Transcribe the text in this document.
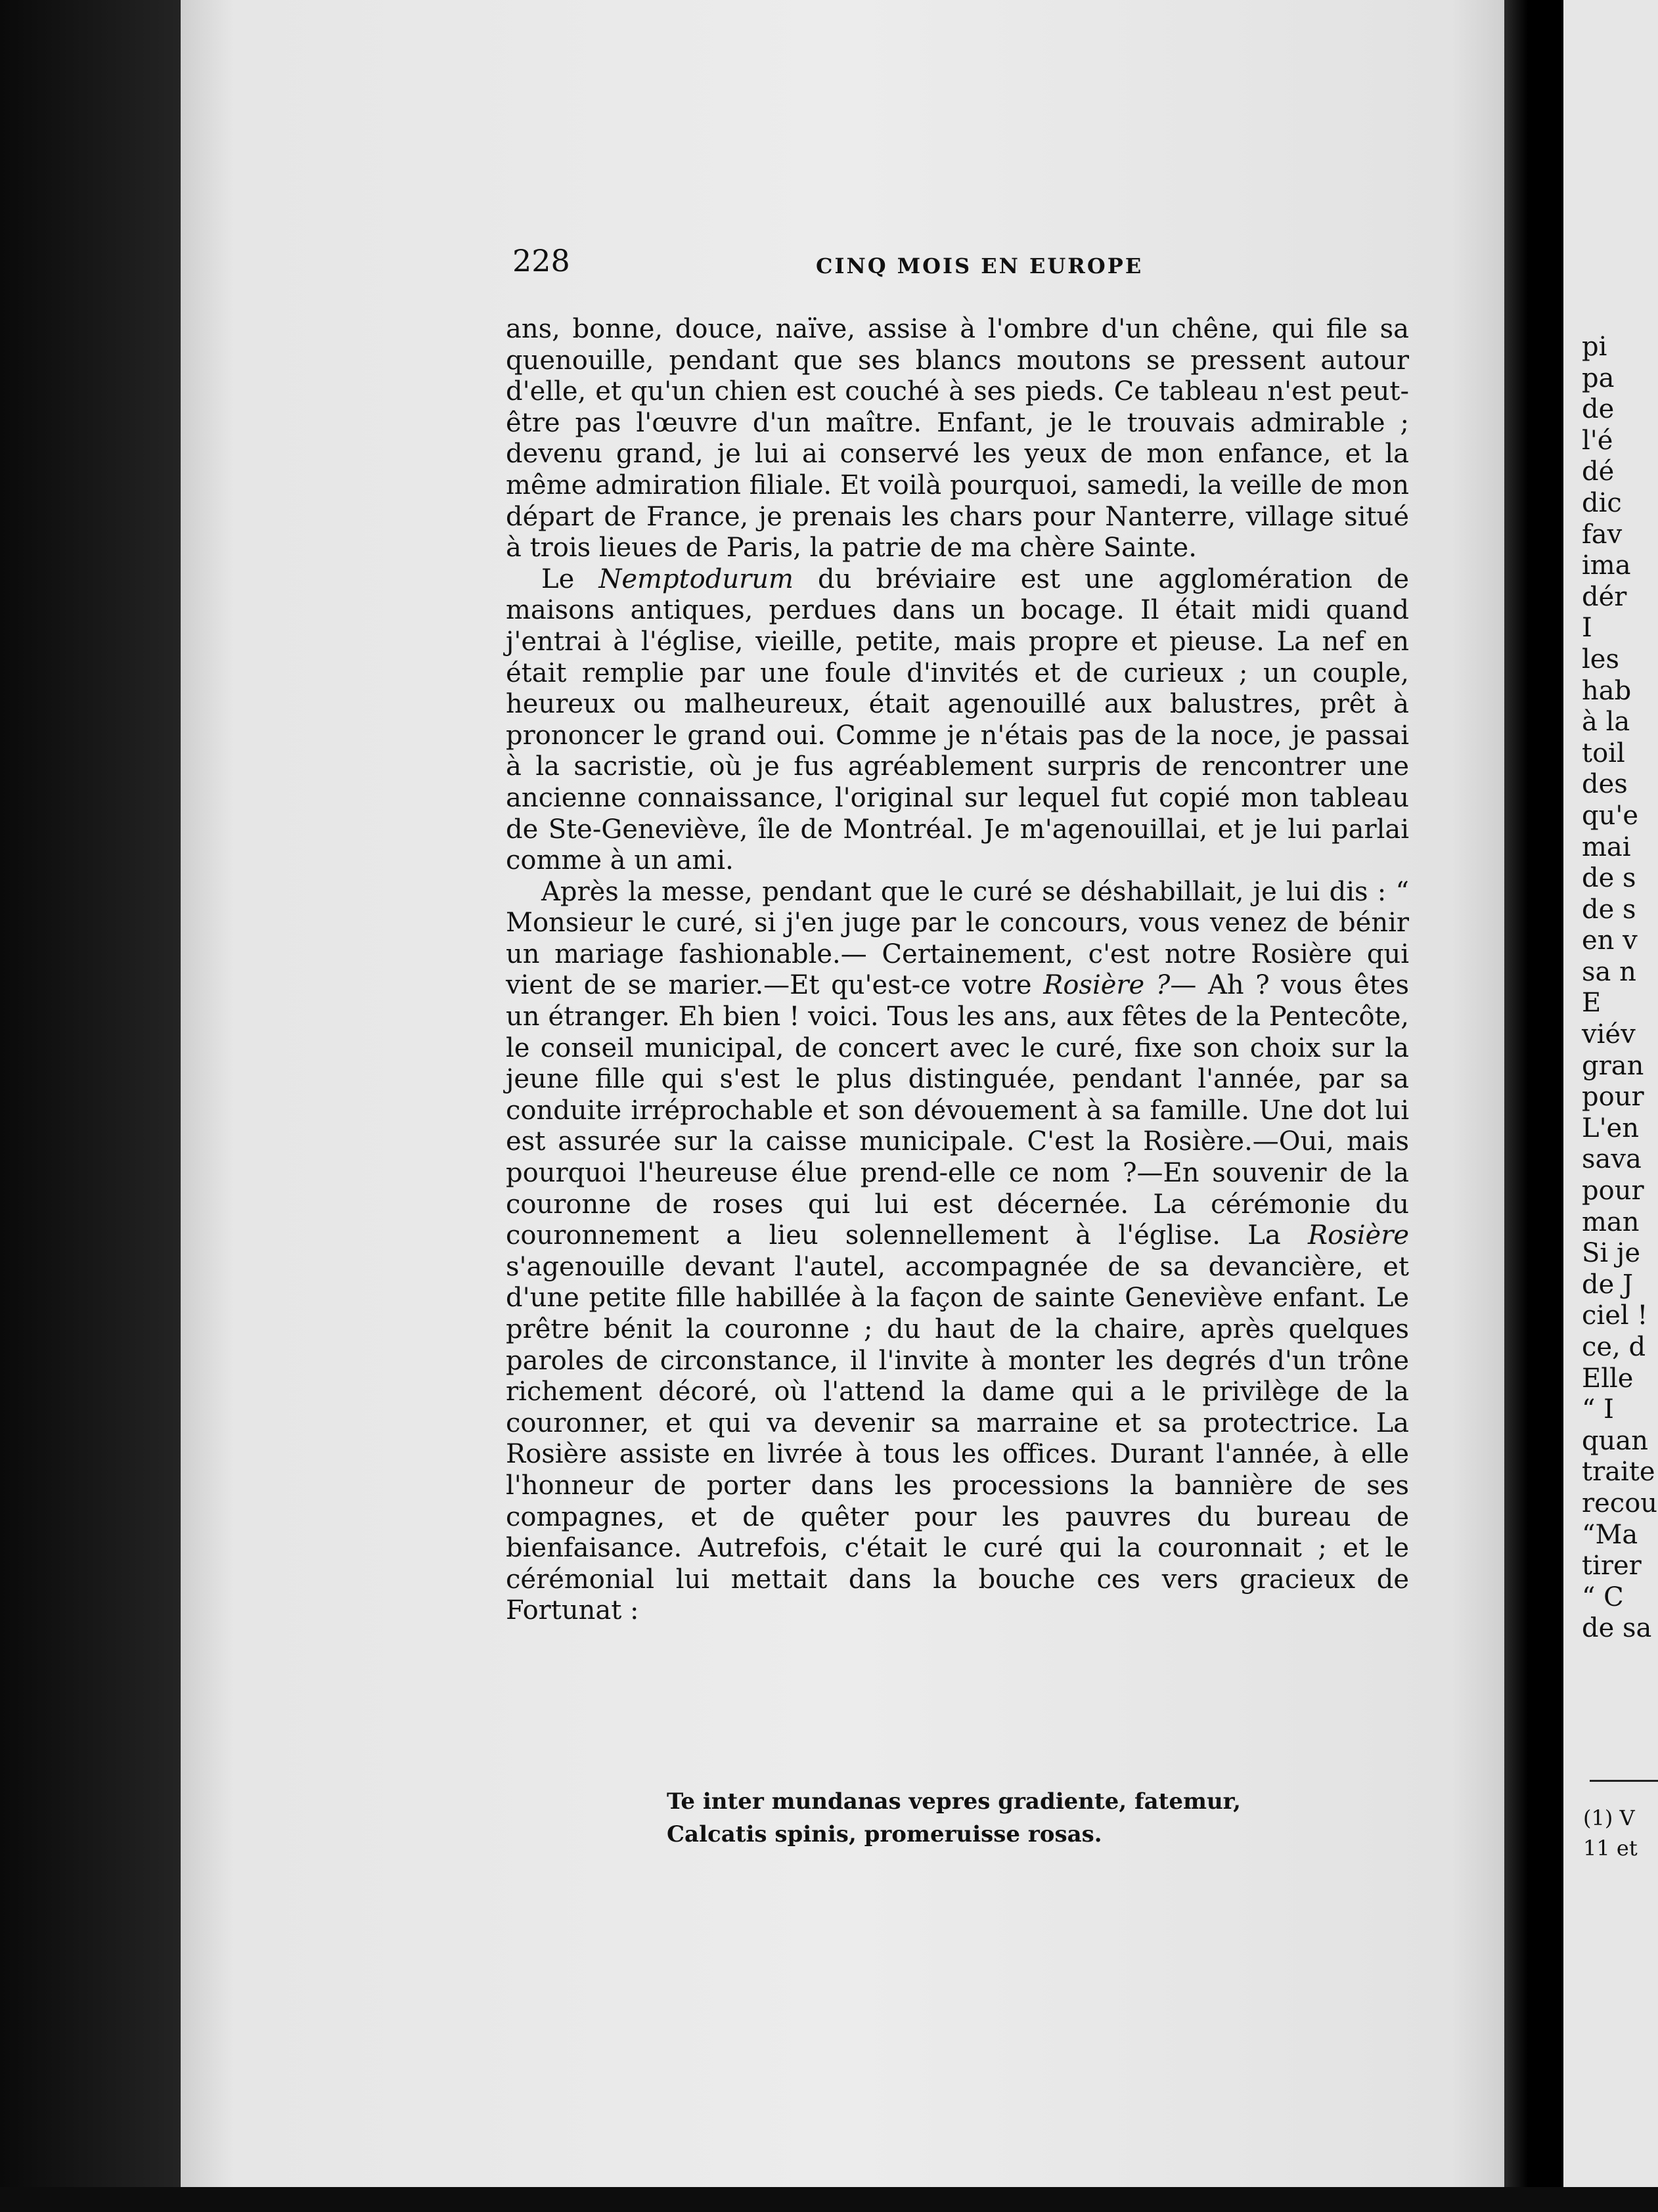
228	CINQ MOIS EN EUROPE

ans, bonne, douce, naïve, assise à l'ombre d'un chêne, qui file sa quenouille, pendant que ses blancs moutons se pressent autour d'elle, et qu'un chien est couché à ses pieds. Ce tableau n'est peut-être pas l'œuvre d'un maître. Enfant, je le trouvais admirable ; devenu grand, je lui ai conservé les yeux de mon enfance, et la même admiration filiale. Et voilà pourquoi, samedi, la veille de mon départ de France, je prenais les chars pour Nanterre, village situé à trois lieues de Paris, la patrie de ma chère Sainte.

Le Nemptodurum du bréviaire est une agglomération de maisons antiques, perdues dans un bocage. Il était midi quand j'entrai à l'église, vieille, petite, mais propre et pieuse. La nef en était remplie par une foule d'invités et de curieux ; un couple, heureux ou malheureux, était agenouillé aux balustres, prêt à prononcer le grand oui. Comme je n'étais pas de la noce, je passai à la sacristie, où je fus agréablement surpris de rencontrer une ancienne connaissance, l'original sur lequel fut copié mon tableau de Ste-Geneviève, île de Montréal. Je m'agenouillai, et je lui parlai comme à un ami.

Après la messe, pendant que le curé se déshabillait, je lui dis : “ Monsieur le curé, si j'en juge par le concours, vous venez de bénir un mariage fashionable.— Certainement, c'est notre Rosière qui vient de se marier.—Et qu'est-ce votre Rosière ?— Ah ? vous êtes un étranger. Eh bien ! voici. Tous les ans, aux fêtes de la Pentecôte, le conseil municipal, de concert avec le curé, fixe son choix sur la jeune fille qui s'est le plus distinguée, pendant l'année, par sa conduite irréprochable et son dévouement à sa famille. Une dot lui est assurée sur la caisse municipale. C'est la Rosière.—Oui, mais pourquoi l'heureuse élue prend-elle ce nom ?—En souvenir de la couronne de roses qui lui est décernée. La cérémonie du couronnement a lieu solennellement à l'église. La Rosière s'agenouille devant l'autel, accompagnée de sa devancière, et d'une petite fille habillée à la façon de sainte Geneviève enfant. Le prêtre bénit la couronne ; du haut de la chaire, après quelques paroles de circonstance, il l'invite à monter les degrés d'un trône richement décoré, où l'attend la dame qui a le privilège de la couronner, et qui va devenir sa marraine et sa protectrice. La Rosière assiste en livrée à tous les offices. Durant l'année, à elle l'honneur de porter dans les processions la bannière de ses compagnes, et de quêter pour les pauvres du bureau de bienfaisance. Autrefois, c'était le curé qui la couronnait ; et le cérémonial lui mettait dans la bouche ces vers gracieux de Fortunat :

Te inter mundanas vepres gradiente, fatemur,
Calcatis spinis, promeruisse rosas.
pi
pa
de
l'é
dé
dic
fav
ima
dér
I
les
hab
à la
toil
des
qu'e
mai
de s
de s
en v
sa n
E
viév
gran
pour
L'en
sava
pour
man
Si je
de J
ciel !
ce, d
Elle
“ I
quan
traite
recou
“Ma
tirer
“ C
de sa
(1) V
11 et
